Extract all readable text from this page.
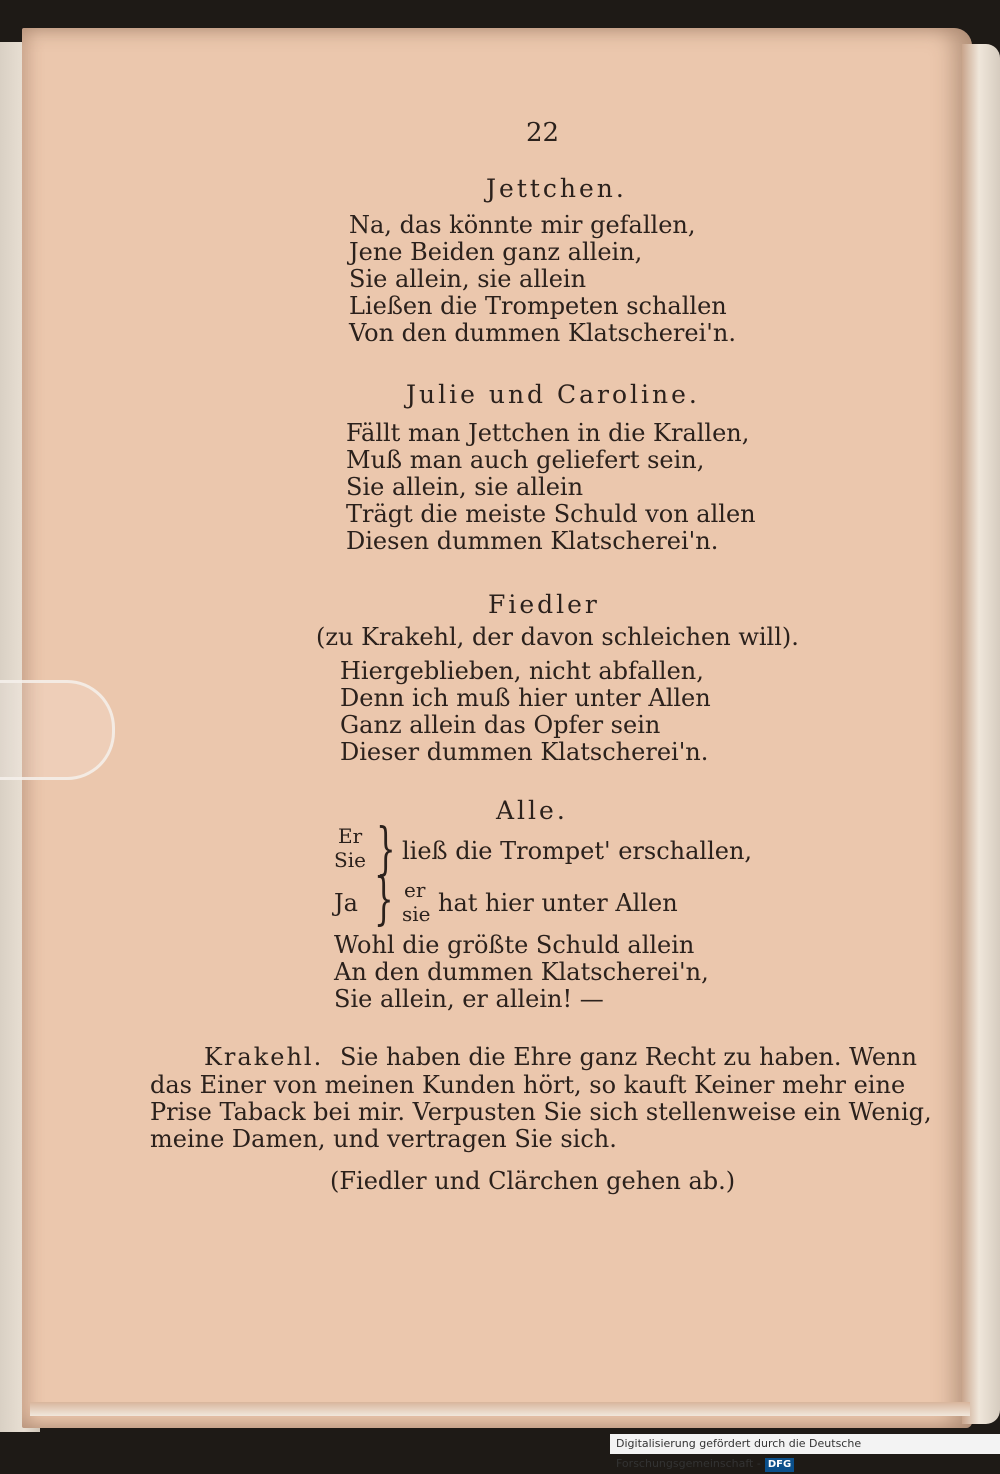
22
Jettchen.
Na, das könnte mir gefallen,
Jene Beiden ganz allein,
Sie allein, sie allein
Ließen die Trompeten schallen
Von den dummen Klatscherei'n.
Julie und Caroline.
Fällt man Jettchen in die Krallen,
Muß man auch geliefert sein,
Sie allein, sie allein
Trägt die meiste Schuld von allen
Diesen dummen Klatscherei'n.
Fiedler
(zu Krakehl, der davon schleichen will).
Hiergeblieben, nicht abfallen,
Denn ich muß hier unter Allen
Ganz allein das Opfer sein
Dieser dummen Klatscherei'n.
Alle.
Er
Sie } ließ die Trompet' erschallen,
Ja } er
sie hat hier unter Allen
Wohl die größte Schuld allein
An den dummen Klatscherei'n,
Sie allein, er allein! —
Krakehl. Sie haben die Ehre ganz Recht zu haben. Wenn
das Einer von meinen Kunden hört, so kauft Keiner mehr eine
Prise Taback bei mir. Verpusten Sie sich stellenweise ein Wenig,
meine Damen, und vertragen Sie sich.
(Fiedler und Clärchen gehen ab.)
Digitalisierung gefördert durch die Deutsche Forschungsgemeinschaft - DFG
